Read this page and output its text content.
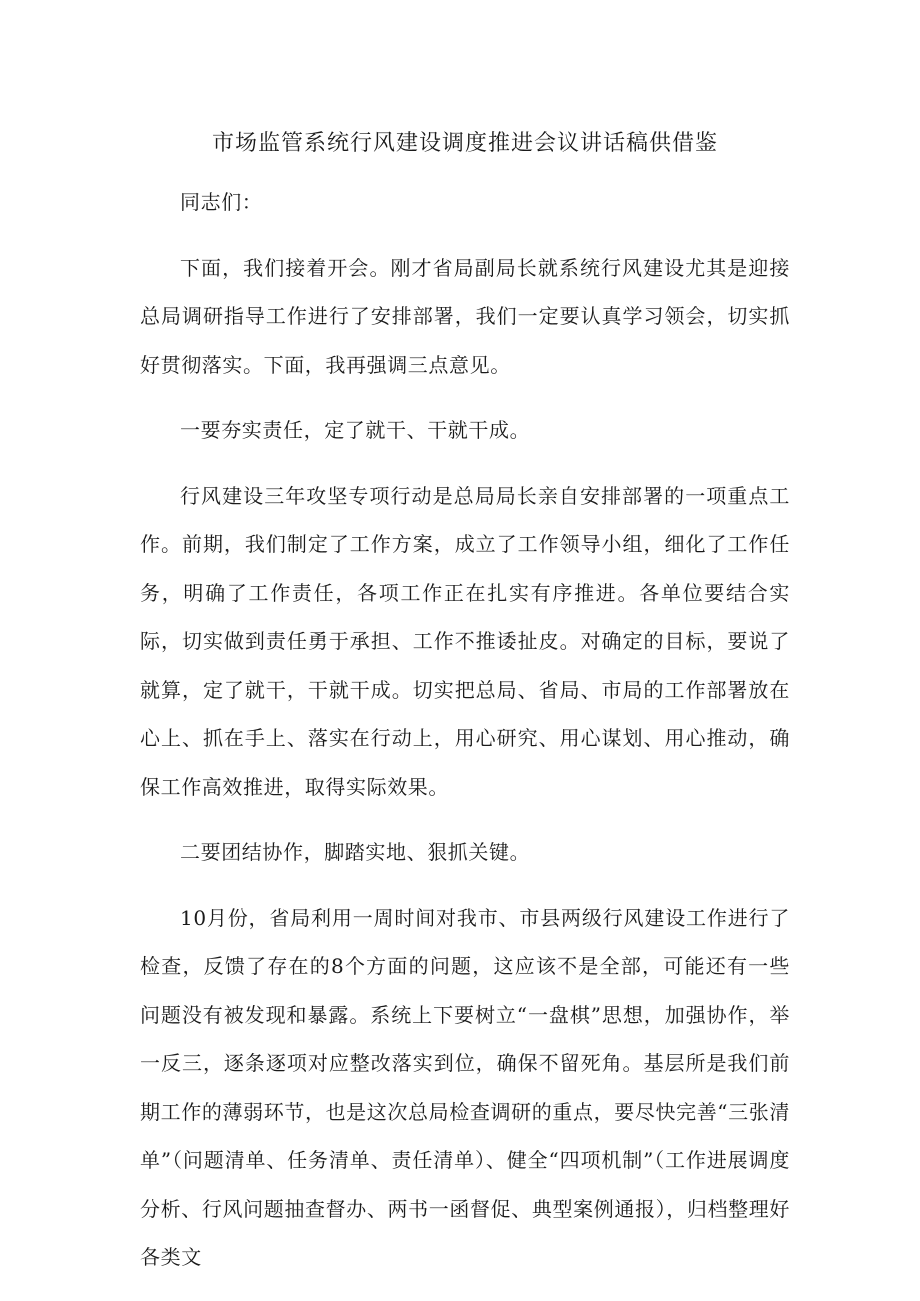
市场监管系统行风建设调度推进会议讲话稿供借鉴

同志们：

下面，我们接着开会。刚才省局副局长就系统行风建设尤其是迎接总局调研指导工作进行了安排部署，我们一定要认真学习领会，切实抓好贯彻落实。下面，我再强调三点意见。

一要夯实责任，定了就干、干就干成。

行风建设三年攻坚专项行动是总局局长亲自安排部署的一项重点工作。前期，我们制定了工作方案，成立了工作领导小组，细化了工作任务，明确了工作责任，各项工作正在扎实有序推进。各单位要结合实际，切实做到责任勇于承担、工作不推诿扯皮。对确定的目标，要说了就算，定了就干，干就干成。切实把总局、省局、市局的工作部署放在心上、抓在手上、落实在行动上，用心研究、用心谋划、用心推动，确保工作高效推进，取得实际效果。

二要团结协作，脚踏实地、狠抓关键。

10月份，省局利用一周时间对我市、市县两级行风建设工作进行了检查，反馈了存在的8个方面的问题，这应该不是全部，可能还有一些问题没有被发现和暴露。系统上下要树立“一盘棋”思想，加强协作，举一反三，逐条逐项对应整改落实到位，确保不留死角。基层所是我们前期工作的薄弱环节，也是这次总局检查调研的重点，要尽快完善“三张清单”（问题清单、任务清单、责任清单）、健全“四项机制”（工作进展调度分析、行风问题抽查督办、两书一函督促、典型案例通报），归档整理好各类文
